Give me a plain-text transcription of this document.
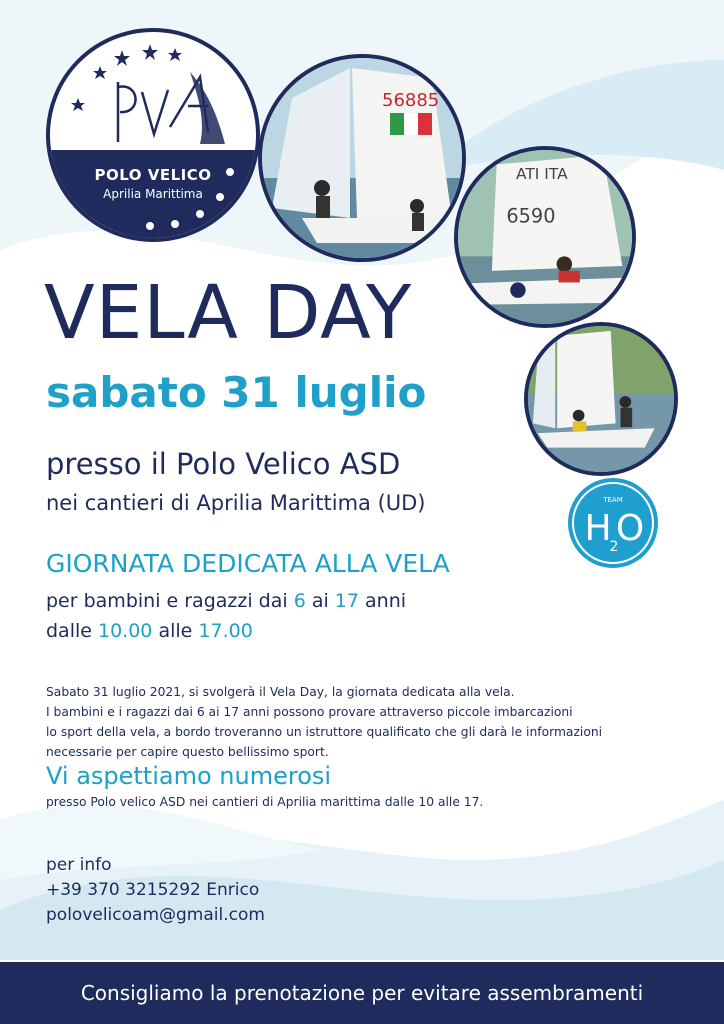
POLO VELICO
Aprilia Marittima
56885
ATI ITA
6590
TEAM
H
2
O
VELA DAY
sabato 31 luglio
presso il Polo Velico ASD
nei cantieri di Aprilia Marittima (UD)
GIORNATA DEDICATA ALLA VELA
per bambini e ragazzi dai 6 ai 17 anni
dalle 10.00 alle 17.00
Sabato 31 luglio 2021, si svolgerà il Vela Day, la giornata dedicata alla vela.
I bambini e i ragazzi dai 6 ai 17 anni possono provare attraverso piccole imbarcazioni
lo sport della vela, a bordo troveranno un istruttore qualificato che gli darà le informazioni
necessarie per capire questo bellissimo sport.
Vi aspettiamo numerosi
presso Polo velico ASD nei cantieri di Aprilia marittima dalle 10 alle 17.
per info
+39 370 3215292 Enrico
polovelicoam@gmail.com
Consigliamo la prenotazione per evitare assembramenti
